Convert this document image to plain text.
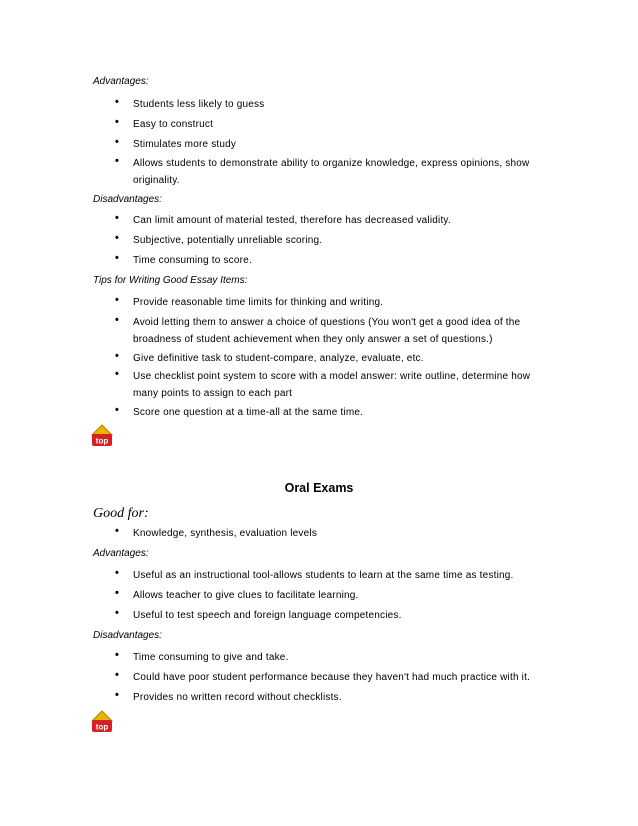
Advantages:
•
Students less likely to guess
•
Easy to construct
•
Stimulates more study
•
Allows students to demonstrate ability to organize knowledge, express opinions, show originality.
Disadvantages:
•
Can limit amount of material tested, therefore has decreased validity.
•
Subjective, potentially unreliable scoring.
•
Time consuming to score.
Tips for Writing Good Essay Items:
•
Provide reasonable time limits for thinking and writing.
•
Avoid letting them to answer a choice of questions (You won't get a good idea of the broadness of student achievement when they only answer a set of questions.)
•
Give definitive task to student-compare, analyze, evaluate, etc.
•
Use checklist point system to score with a model answer: write outline, determine how many points to assign to each part
•
Score one question at a time-all at the same time.
top
Oral Exams
Good for:
•
Knowledge, synthesis, evaluation levels
Advantages:
•
Useful as an instructional tool-allows students to learn at the same time as testing.
•
Allows teacher to give clues to facilitate learning.
•
Useful to test speech and foreign language competencies.
Disadvantages:
•
Time consuming to give and take.
•
Could have poor student performance because they haven't had much practice with it.
•
Provides no written record without checklists.
top
